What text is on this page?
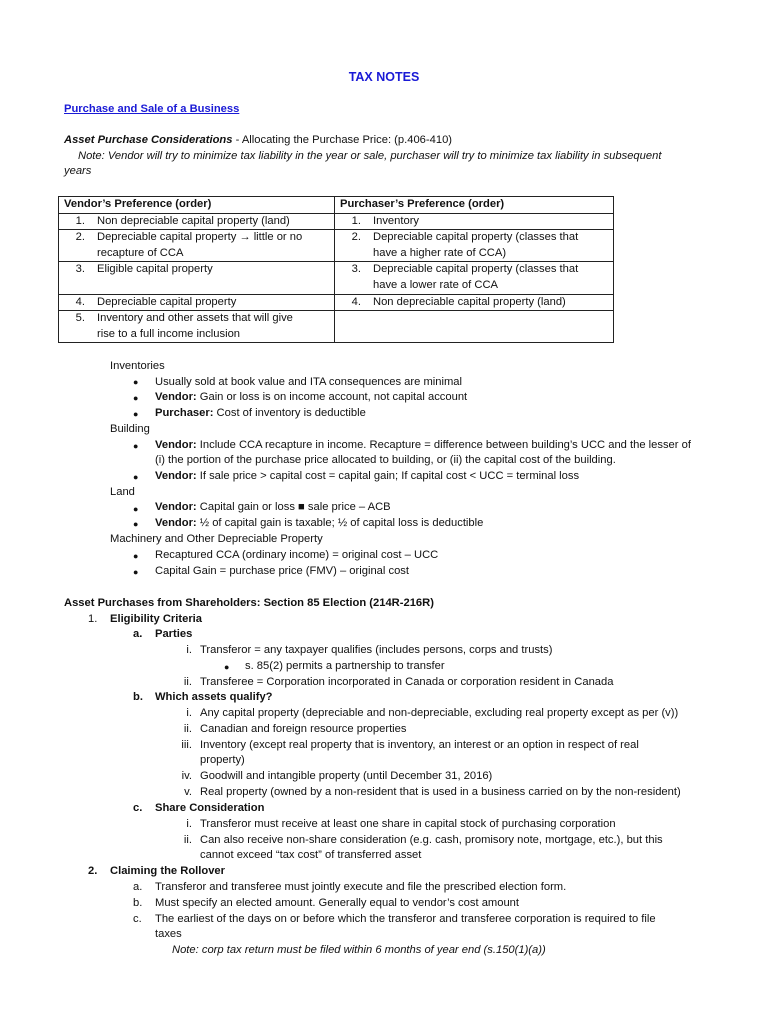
TAX NOTES
Purchase and Sale of a Business
Asset Purchase Considerations - Allocating the Purchase Price: (p.406-410)
Note: Vendor will try to minimize tax liability in the year or sale, purchaser will try to minimize tax liability in subsequent
years
Vendor’s Preference (order)	Purchaser’s Preference (order)

1. Non depreciable capital property (land)	1. Inventory

2. Depreciable capital property → little or no recapture of CCA	2. Depreciable capital property (classes that have a higher rate of CCA)

3. Eligible capital property	3. Depreciable capital property (classes that have a lower rate of CCA

4. Depreciable capital property	4. Non depreciable capital property (land)

5. Inventory and other assets that will give rise to a full income inclusion	

Inventories
● Usually sold at book value and ITA consequences are minimal
● Vendor: Gain or loss is on income account, not capital account
● Purchaser: Cost of inventory is deductible
Building
● Vendor: Include CCA recapture in income. Recapture = difference between building’s UCC and the lesser of
(i) the portion of the purchase price allocated to building, or (ii) the capital cost of the building.
● Vendor: If sale price > capital cost = capital gain; If capital cost < UCC = terminal loss
Land
● Vendor: Capital gain or loss ■ sale price – ACB
● Vendor: ½ of capital gain is taxable; ½ of capital loss is deductible
Machinery and Other Depreciable Property
● Recaptured CCA (ordinary income) = original cost – UCC
● Capital Gain = purchase price (FMV) – original cost
Asset Purchases from Shareholders: Section 85 Election (214R-216R)
1. Eligibility Criteria
a. Parties
i. Transferor = any taxpayer qualifies (includes persons, corps and trusts)
● s. 85(2) permits a partnership to transfer
ii. Transferee = Corporation incorporated in Canada or corporation resident in Canada
b. Which assets qualify?
i. Any capital property (depreciable and non-depreciable, excluding real property except as per (v))
ii. Canadian and foreign resource properties
iii. Inventory (except real property that is inventory, an interest or an option in respect of real
property)
iv. Goodwill and intangible property (until December 31, 2016)
v. Real property (owned by a non-resident that is used in a business carried on by the non-resident)
c. Share Consideration
i. Transferor must receive at least one share in capital stock of purchasing corporation
ii. Can also receive non-share consideration (e.g. cash, promisory note, mortgage, etc.), but this
cannot exceed “tax cost” of transferred asset
2. Claiming the Rollover
a. Transferor and transferee must jointly execute and file the prescribed election form.
b. Must specify an elected amount. Generally equal to vendor’s cost amount
c. The earliest of the days on or before which the transferor and transferee corporation is required to file
taxes
Note: corp tax return must be filed within 6 months of year end (s.150(1)(a))
